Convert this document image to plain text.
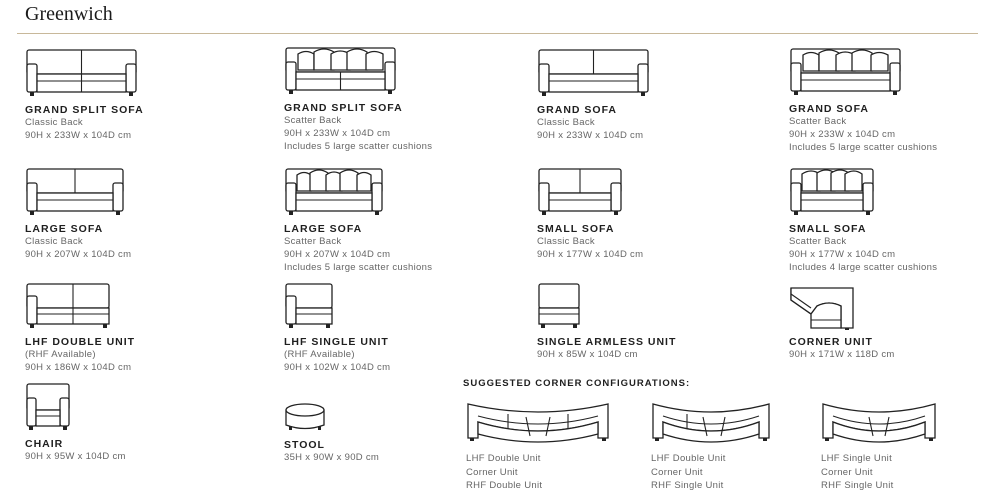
Greenwich
GRAND SPLIT SOFA
Classic Back
90H x 233W x 104D cm
GRAND SPLIT SOFA
Scatter Back
90H x 233W x 104D cm
Includes 5 large scatter cushions
GRAND SOFA
Classic Back
90H x 233W x 104D cm
GRAND SOFA
Scatter Back
90H x 233W x 104D cm
Includes 5 large scatter cushions
LARGE SOFA
Classic Back
90H x 207W x 104D cm
LARGE SOFA
Scatter Back
90H x 207W x 104D cm
Includes 5 large scatter cushions
SMALL SOFA
Classic Back
90H x 177W x 104D cm
SMALL SOFA
Scatter Back
90H x 177W x 104D cm
Includes 4 large scatter cushions
LHF DOUBLE UNIT
(RHF Available)
90H x 186W x 104D cm
LHF SINGLE UNIT
(RHF Available)
90H x 102W x 104D cm
SINGLE ARMLESS UNIT
90H x 85W x 104D cm
CORNER UNIT
90H x 171W x 118D cm
CHAIR
90H x 95W x 104D cm
STOOL
35H x 90W x 90D cm
SUGGESTED CORNER CONFIGURATIONS:
LHF Double Unit
Corner Unit
RHF Double Unit
LHF Double Unit
Corner Unit
RHF Single Unit
LHF Single Unit
Corner Unit
RHF Single Unit
